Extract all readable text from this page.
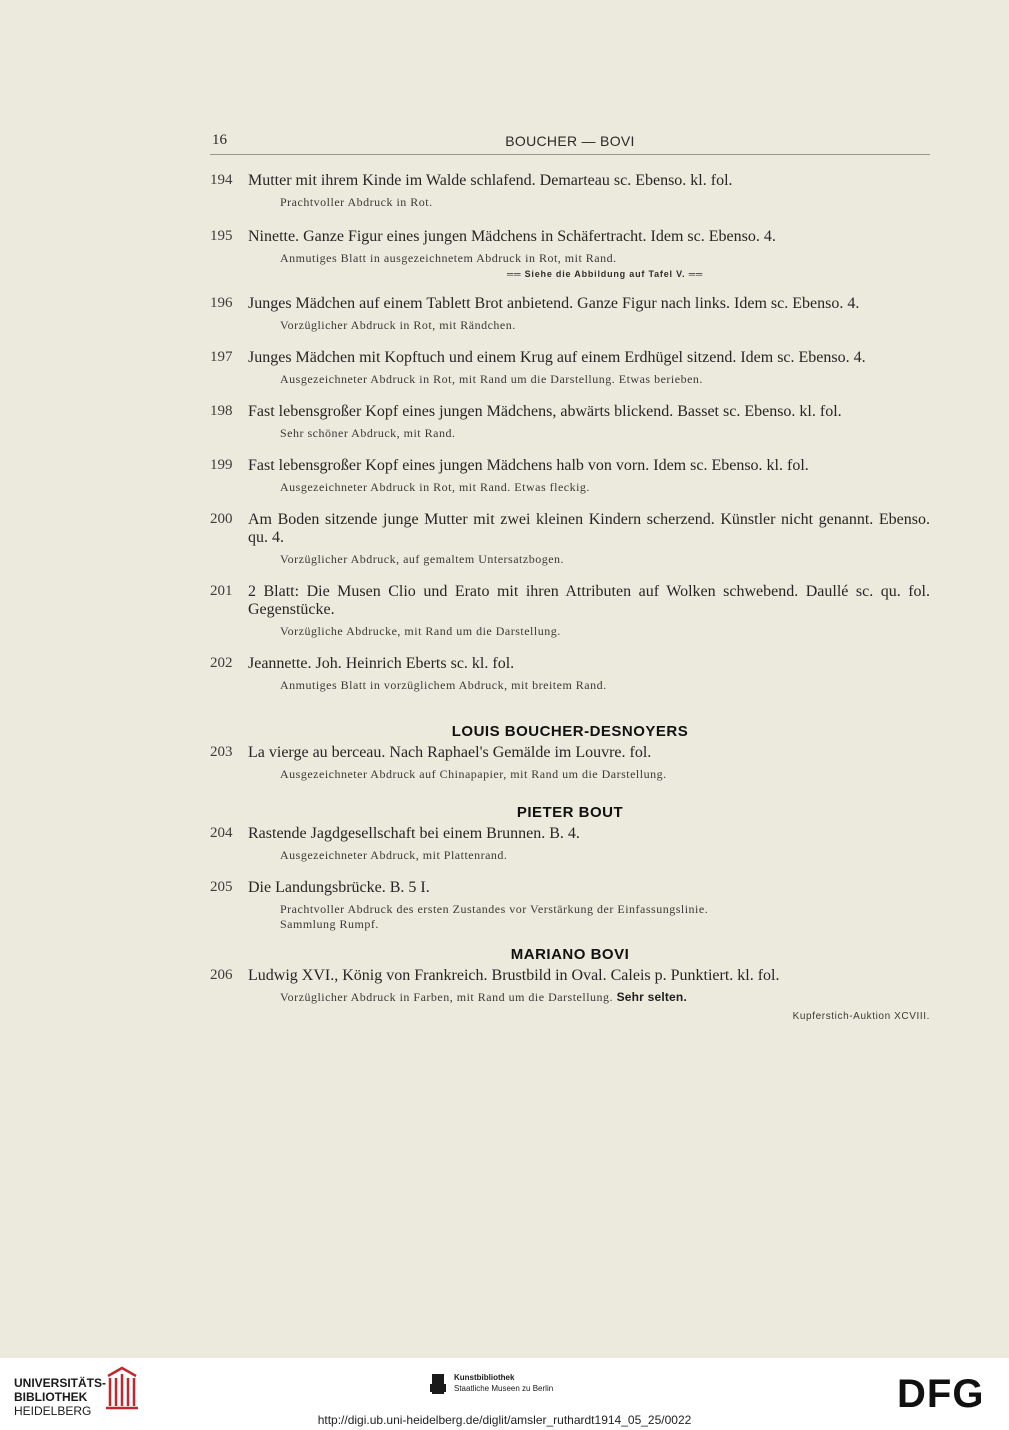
16	BOUCHER — BOVI
194 Mutter mit ihrem Kinde im Walde schlafend. Demarteau sc. Ebenso. kl. fol.
Prachtvoller Abdruck in Rot.
195 Ninette. Ganze Figur eines jungen Mädchens in Schäfertracht. Idem sc. Ebenso. 4.
Anmutiges Blatt in ausgezeichnetem Abdruck in Rot, mit Rand.
══ Siehe die Abbildung auf Tafel V. ══
196 Junges Mädchen auf einem Tablett Brot anbietend. Ganze Figur nach links. Idem sc. Ebenso. 4.
Vorzüglicher Abdruck in Rot, mit Rändchen.
197 Junges Mädchen mit Kopftuch und einem Krug auf einem Erdhügel sitzend. Idem sc. Ebenso. 4.
Ausgezeichneter Abdruck in Rot, mit Rand um die Darstellung. Etwas berieben.
198 Fast lebensgroßer Kopf eines jungen Mädchens, abwärts blickend. Basset sc. Ebenso. kl. fol.
Sehr schöner Abdruck, mit Rand.
199 Fast lebensgroßer Kopf eines jungen Mädchens halb von vorn. Idem sc. Ebenso. kl. fol.
Ausgezeichneter Abdruck in Rot, mit Rand. Etwas fleckig.
200 Am Boden sitzende junge Mutter mit zwei kleinen Kindern scherzend. Künstler nicht genannt. Ebenso. qu. 4.
Vorzüglicher Abdruck, auf gemaltem Untersatzbogen.
201 2 Blatt: Die Musen Clio und Erato mit ihren Attributen auf Wolken schwebend. Daullé sc. qu. fol. Gegenstücke.
Vorzügliche Abdrucke, mit Rand um die Darstellung.
202 Jeannette. Joh. Heinrich Eberts sc. kl. fol.
Anmutiges Blatt in vorzüglichem Abdruck, mit breitem Rand.
LOUIS BOUCHER-DESNOYERS
203 La vierge au berceau. Nach Raphael's Gemälde im Louvre. fol.
Ausgezeichneter Abdruck auf Chinapapier, mit Rand um die Darstellung.
PIETER BOUT
204 Rastende Jagdgesellschaft bei einem Brunnen. B. 4.
Ausgezeichneter Abdruck, mit Plattenrand.
205 Die Landungsbrücke. B. 5 I.
Prachtvoller Abdruck des ersten Zustandes vor Verstärkung der Einfassungslinie.
Sammlung Rumpf.
MARIANO BOVI
206 Ludwig XVI., König von Frankreich. Brustbild in Oval. Caleis p. Punktiert. kl. fol.
Vorzüglicher Abdruck in Farben, mit Rand um die Darstellung. Sehr selten.
Kupferstich-Auktion XCVIII.
UNIVERSITÄTS-
BIBLIOTHEK
HEIDELBERG
Kunstbibliothek
Staatliche Museen zu Berlin	DFG
http://digi.ub.uni-heidelberg.de/diglit/amsler_ruthardt1914_05_25/0022
